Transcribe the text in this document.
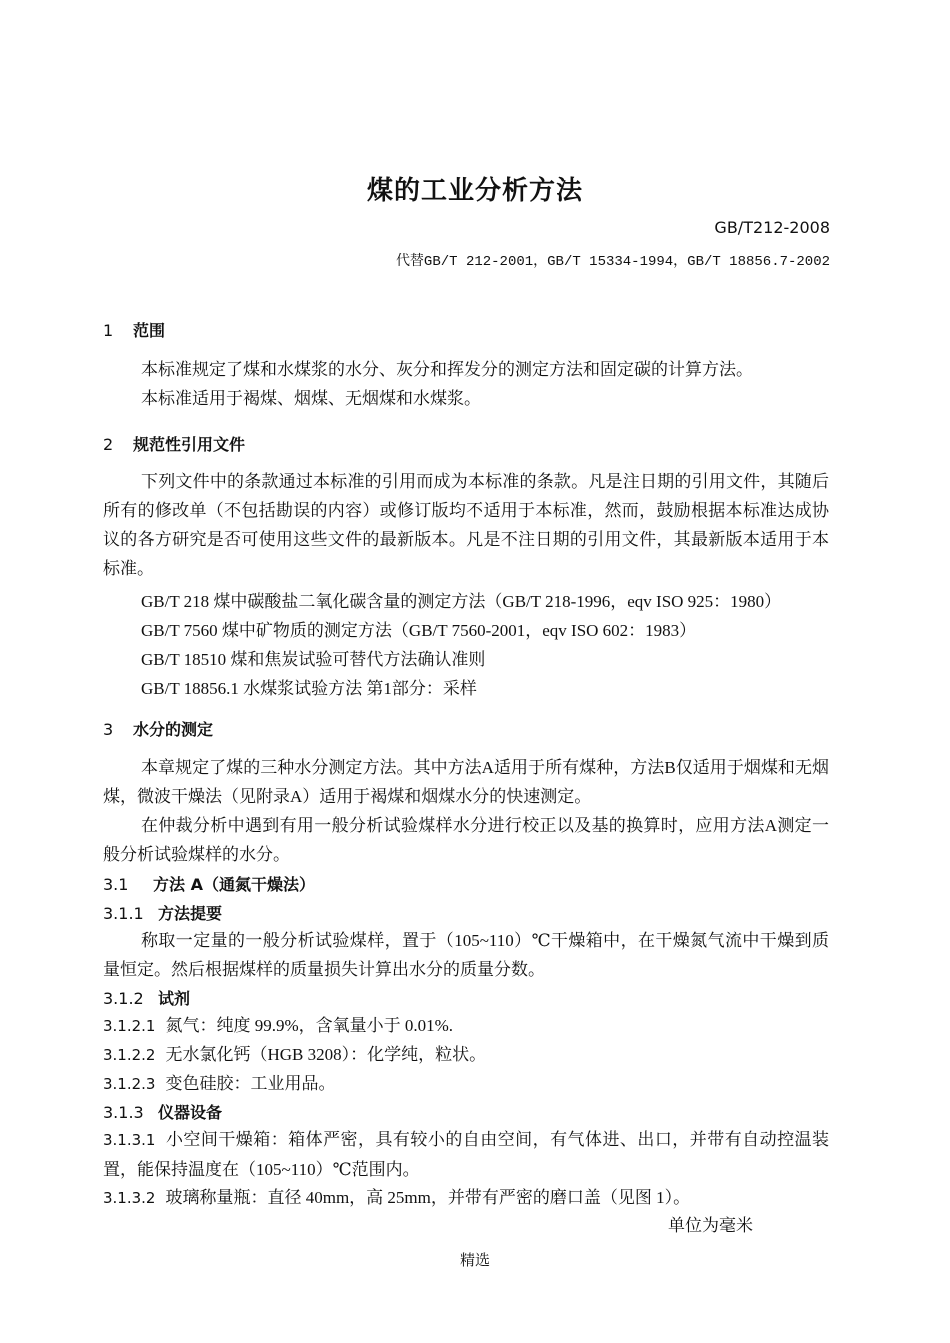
煤的工业分析方法
GB/T212-2008
代替GB/T 212-2001，GB/T 15334-1994，GB/T 18856.7-2002
1 范围
本标准规定了煤和水煤浆的水分、灰分和挥发分的测定方法和固定碳的计算方法。
本标准适用于褐煤、烟煤、无烟煤和水煤浆。
2 规范性引用文件
下列文件中的条款通过本标准的引用而成为本标准的条款。凡是注日期的引用文件，其随后所有的修改单（不包括勘误的内容）或修订版均不适用于本标准，然而，鼓励根据本标准达成协议的各方研究是否可使用这些文件的最新版本。凡是不注日期的引用文件，其最新版本适用于本标准。
GB/T 218 煤中碳酸盐二氧化碳含量的测定方法（GB/T 218-1996，eqv ISO 925：1980）
GB/T 7560 煤中矿物质的测定方法（GB/T 7560-2001，eqv ISO 602：1983）
GB/T 18510 煤和焦炭试验可替代方法确认准则
GB/T 18856.1 水煤浆试验方法 第1部分：采样
3 水分的测定
本章规定了煤的三种水分测定方法。其中方法A适用于所有煤种，方法B仅适用于烟煤和无烟煤，微波干燥法（见附录A）适用于褐煤和烟煤水分的快速测定。
在仲裁分析中遇到有用一般分析试验煤样水分进行校正以及基的换算时，应用方法A测定一般分析试验煤样的水分。
3.1 方法 A（通氮干燥法）
3.1.1 方法提要
称取一定量的一般分析试验煤样，置于（105~110）℃干燥箱中，在干燥氮气流中干燥到质量恒定。然后根据煤样的质量损失计算出水分的质量分数。
3.1.2 试剂
3.1.2.1 氮气：纯度 99.9%，含氧量小于 0.01%.
3.1.2.2 无水氯化钙（HGB 3208）：化学纯，粒状。
3.1.2.3 变色硅胶：工业用品。
3.1.3 仪器设备
3.1.3.1 小空间干燥箱：箱体严密，具有较小的自由空间，有气体进、出口，并带有自动控温装置，能保持温度在（105~110）℃范围内。
3.1.3.2 玻璃称量瓶：直径 40mm，高 25mm，并带有严密的磨口盖（见图 1）。
单位为毫米
精选
